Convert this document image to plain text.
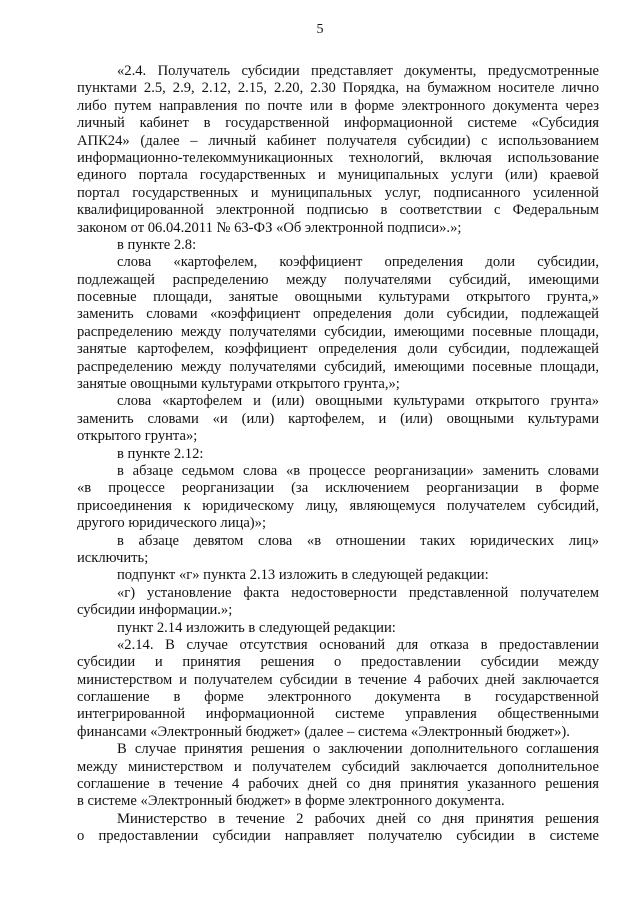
5
«2.4. Получатель субсидии представляет документы, предусмотренные
пунктами 2.5, 2.9, 2.12, 2.15, 2.20, 2.30 Порядка, на бумажном носителе лично
либо путем направления по почте или в форме электронного документа через
личный кабинет в государственной информационной системе «Субсидия
АПК24» (далее – личный кабинет получателя субсидии) с использованием
информационно-телекоммуникационных технологий, включая использование
единого портала государственных и муниципальных услуги (или) краевой
портал государственных и муниципальных услуг, подписанного усиленной
квалифицированной электронной подписью в соответствии с Федеральным
законом от 06.04.2011 № 63-ФЗ «Об электронной подписи».»;
в пункте 2.8:
слова «картофелем, коэффициент определения доли субсидии,
подлежащей распределению между получателями субсидий, имеющими
посевные площади, занятые овощными культурами открытого грунта,»
заменить словами «коэффициент определения доли субсидии, подлежащей
распределению между получателями субсидии, имеющими посевные площади,
занятые картофелем, коэффициент определения доли субсидии, подлежащей
распределению между получателями субсидий, имеющими посевные площади,
занятые овощными культурами открытого грунта,»;
слова «картофелем и (или) овощными культурами открытого грунта»
заменить словами «и (или) картофелем, и (или) овощными культурами
открытого грунта»;
в пункте 2.12:
в абзаце седьмом слова «в процессе реорганизации» заменить словами
«в процессе реорганизации (за исключением реорганизации в форме
присоединения к юридическому лицу, являющемуся получателем субсидий,
другого юридического лица)»;
в абзаце девятом слова «в отношении таких юридических лиц»
исключить;
подпункт «г» пункта 2.13 изложить в следующей редакции:
«г) установление факта недостоверности представленной получателем
субсидии информации.»;
пункт 2.14 изложить в следующей редакции:
«2.14. В случае отсутствия оснований для отказа в предоставлении
субсидии и принятия решения о предоставлении субсидии между
министерством и получателем субсидии в течение 4 рабочих дней заключается
соглашение в форме электронного документа в государственной
интегрированной информационной системе управления общественными
финансами «Электронный бюджет» (далее – система «Электронный бюджет»).
В случае принятия решения о заключении дополнительного соглашения
между министерством и получателем субсидий заключается дополнительное
соглашение в течение 4 рабочих дней со дня принятия указанного решения
в системе «Электронный бюджет» в форме электронного документа.
Министерство в течение 2 рабочих дней со дня принятия решения
о предоставлении субсидии направляет получателю субсидии в системе
